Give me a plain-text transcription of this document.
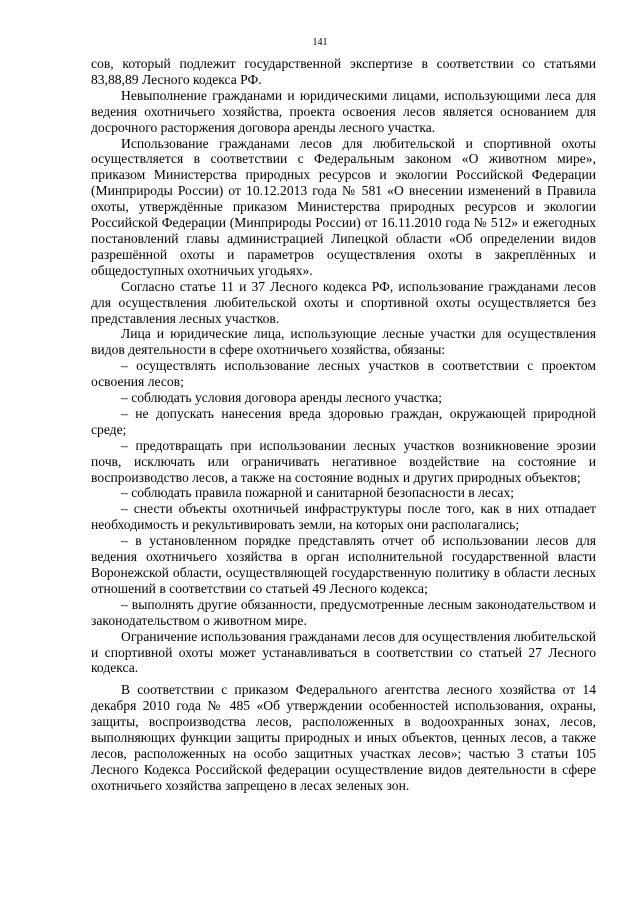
141

сов, который подлежит государственной экспертизе в соответствии со статьями 83,88,89 Лесного кодекса РФ.

Невыполнение гражданами и юридическими лицами, использующими леса для ведения охотничьего хозяйства, проекта освоения лесов является основанием для досрочного расторжения договора аренды лесного участка.

Использование гражданами лесов для любительской и спортивной охоты осуществляется в соответствии с Федеральным законом «О животном мире», приказом Министерства природных ресурсов и экологии Российской Федерации (Минприроды России) от 10.12.2013 года № 581 «О внесении изменений в Правила охоты, утверждённые приказом Министерства природных ресурсов и экологии Российской Федерации (Минприроды России) от 16.11.2010 года № 512» и ежегодных постановлений главы администрацией Липецкой области «Об определении видов разрешённой охоты и параметров осуществления охоты в закреплённых и общедоступных охотничьих угодьях».

Согласно статье 11 и 37 Лесного кодекса РФ, использование гражданами лесов для осуществления любительской охоты и спортивной охоты осуществляется без представления лесных участков.

Лица и юридические лица, использующие лесные участки для осуществления видов деятельности в сфере охотничьего хозяйства, обязаны:

– осуществлять использование лесных участков в соответствии с проектом освоения лесов;

– соблюдать условия договора аренды лесного участка;

– не допускать нанесения вреда здоровью граждан, окружающей природной среде;

– предотвращать при использовании лесных участков возникновение эрозии почв, исключать или ограничивать негативное воздействие на состояние и воспроизводство лесов, а также на состояние водных и других природных объектов;

– соблюдать правила пожарной и санитарной безопасности в лесах;

– снести объекты охотничьей инфраструктуры после того, как в них отпадает необходимость и рекультивировать земли, на которых они располагались;

– в установленном порядке представлять отчет об использовании лесов для ведения охотничьего хозяйства в орган исполнительной государственной власти Воронежской области, осуществляющей государственную политику в области лесных отношений в соответствии со статьей 49 Лесного кодекса;

– выполнять другие обязанности, предусмотренные лесным законодательством и законодательством о животном мире.

Ограничение использования гражданами лесов для осуществления любительской и спортивной охоты может устанавливаться в соответствии со статьей 27 Лесного кодекса.

В соответствии с приказом Федерального агентства лесного хозяйства от 14 декабря 2010 года № 485 «Об утверждении особенностей использования, охраны, защиты, воспроизводства лесов, расположенных в водоохранных зонах, лесов, выполняющих функции защиты природных и иных объектов, ценных лесов, а также лесов, расположенных на особо защитных участках лесов»; частью 3 статьи 105 Лесного Кодекса Российской федерации осуществление видов деятельности в сфере охотничьего хозяйства запрещено в лесах зеленых зон.
